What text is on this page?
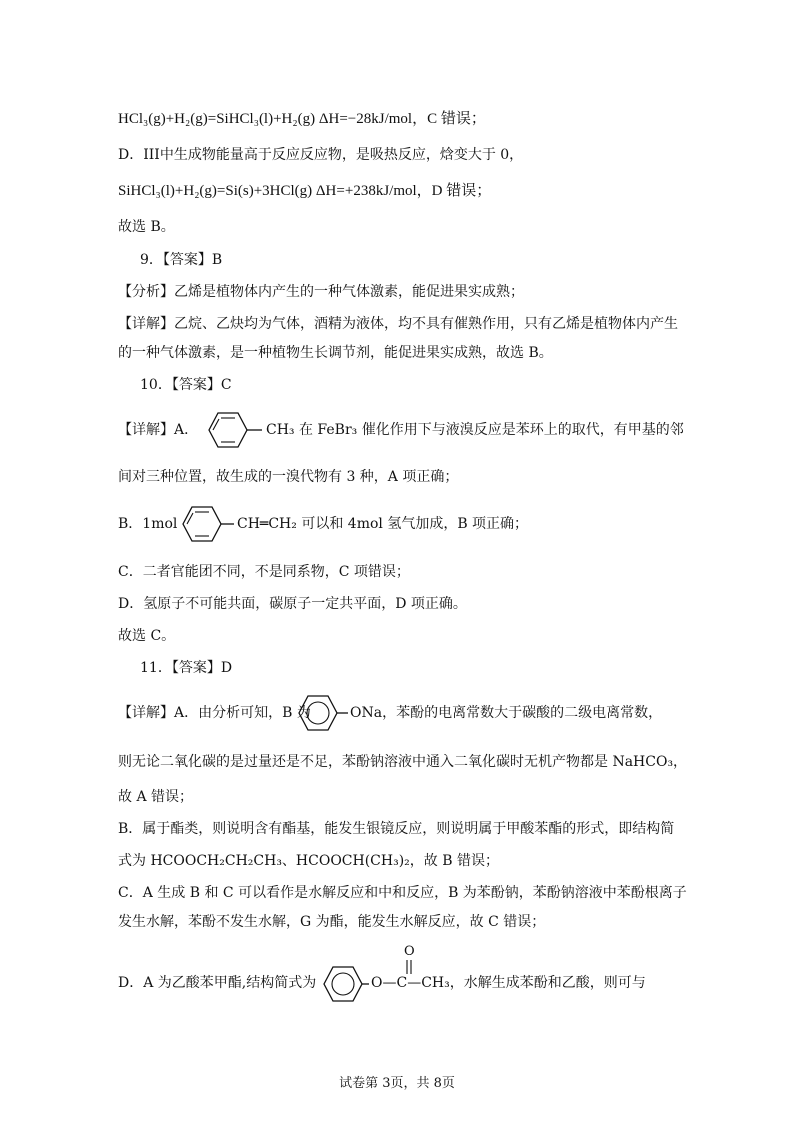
HCl₃(g)+H₂(g)=SiHCl₃(l)+H₂(g) ΔH=−28kJ/mol，C 错误；
D．III中生成物能量高于反应反应物，是吸热反应，焓变大于 0，
SiHCl₃(l)+H₂(g)=Si(s)+3HCl(g) ΔH=+238kJ/mol，D 错误；
故选 B。
9．【答案】B
【分析】乙烯是植物体内产生的一种气体激素，能促进果实成熟；
【详解】乙烷、乙炔均为气体，酒精为液体，均不具有催熟作用，只有乙烯是植物体内产生
的一种气体激素，是一种植物生长调节剂，能促进果实成熟，故选 B。
10．【答案】C
【详解】A．	CH₃ 在 FeBr₃ 催化作用下与液溴反应是苯环上的取代，有甲基的邻
间对三种位置，故生成的一溴代物有 3 种，A 项正确；
B．1mol	CH═CH₂ 可以和 4mol 氢气加成，B 项正确；
C．二者官能团不同，不是同系物，C 项错误；
D．氢原子不可能共面，碳原子一定共平面，D 项正确。
故选 C。
11．【答案】D
【详解】A．由分析可知，B 为	ONa，苯酚的电离常数大于碳酸的二级电离常数，
则无论二氧化碳的是过量还是不足，苯酚钠溶液中通入二氧化碳时无机产物都是 NaHCO₃，
故 A 错误；
B．属于酯类，则说明含有酯基，能发生银镜反应，则说明属于甲酸苯酯的形式，即结构简
式为 HCOOCH₂CH₂CH₃、HCOOCH(CH₃)₂，故 B 错误；
C．A 生成 B 和 C 可以看作是水解反应和中和反应，B 为苯酚钠，苯酚钠溶液中苯酚根离子
发生水解，苯酚不发生水解，G 为酯，能发生水解反应，故 C 错误；
D．A 为乙酸苯甲酯,结构简式为
O
O—C—CH₃，水解生成苯酚和乙酸，则可与
试卷第 3页，共 8页
